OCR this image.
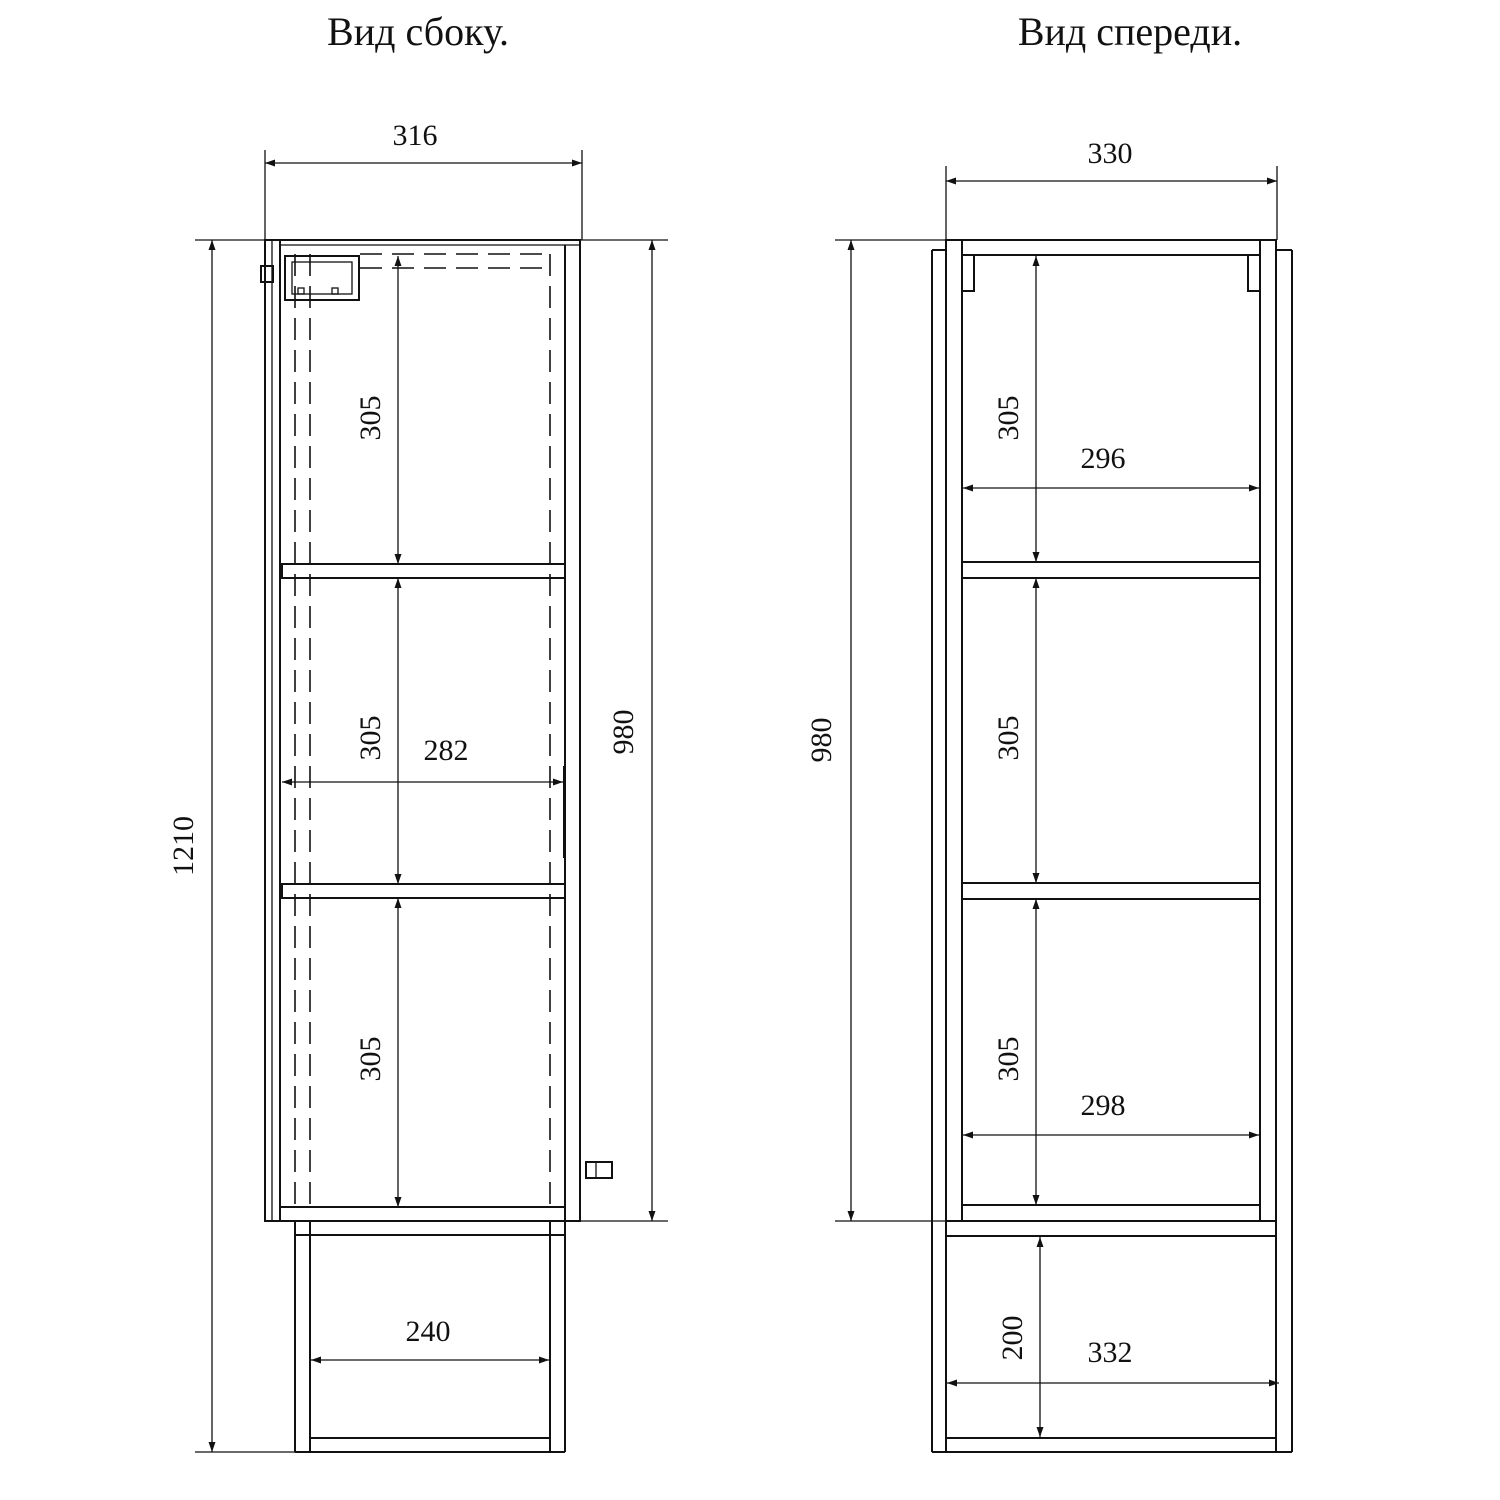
Вид сбоку.	Вид спереди.
316
1210
980
305
305
305
282
240
330
980
305
305
305
296
298
200 332
